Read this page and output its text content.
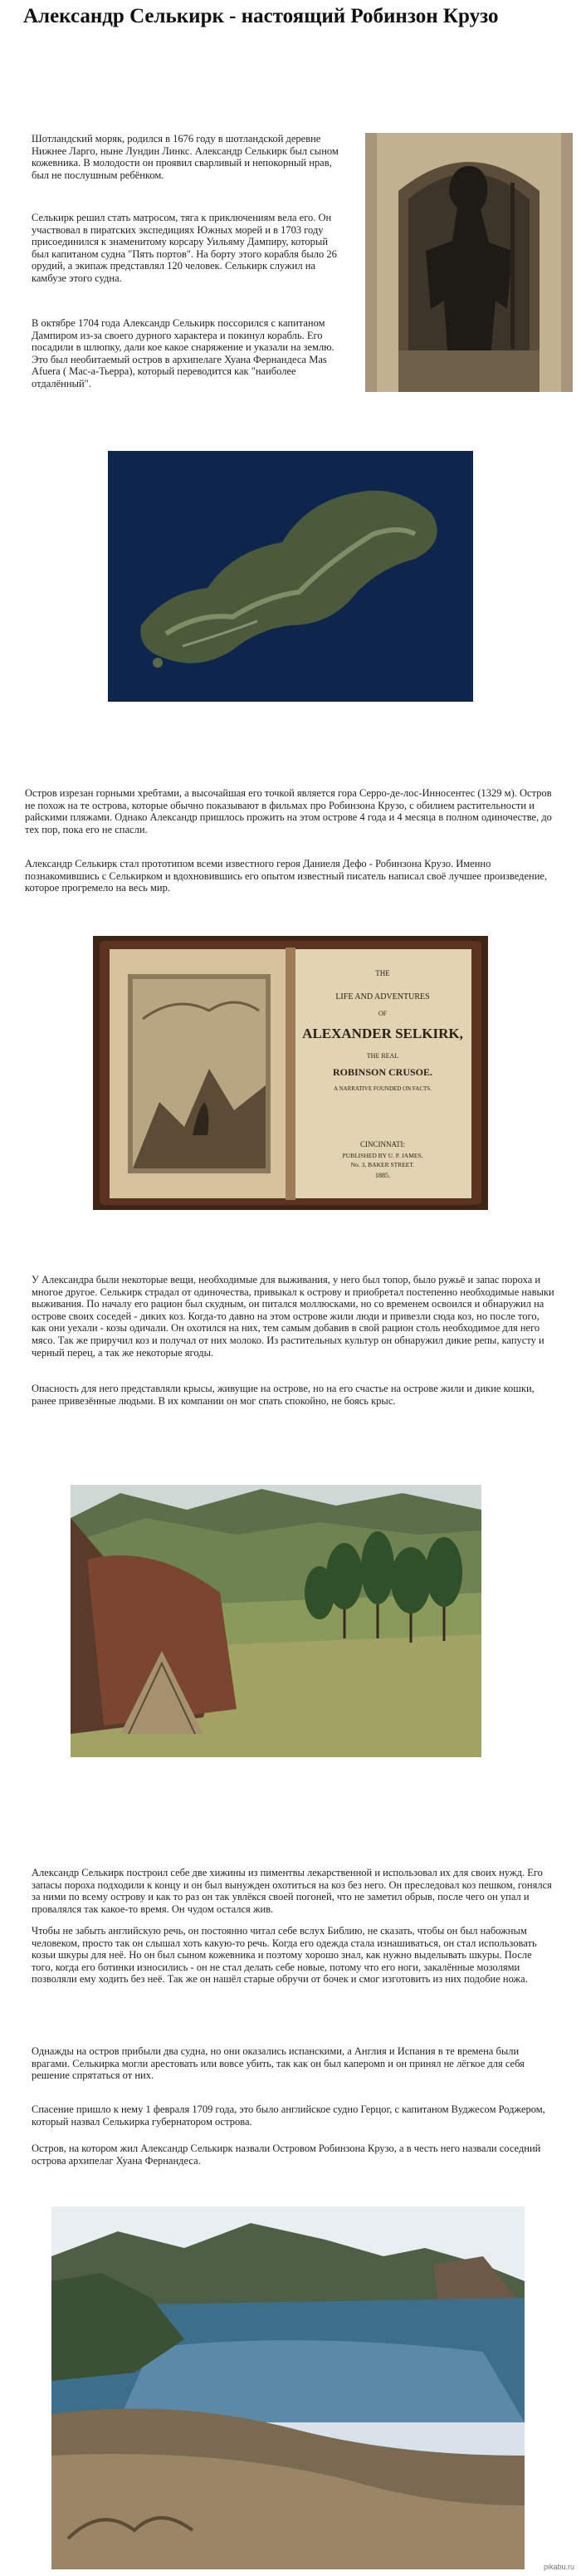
Александр Селькирк - настоящий Робинзон Крузо

Шотландский моряк, родился в 1676 году в шотландской деревне Нижнее Ларго, ныне Лундин Линкс. Александр Селькирк был сыном кожевника. В молодости он проявил сварливый и непокорный нрав, был не послушным ребёнком.

Селькирк решил стать матросом, тяга к приключениям вела его. Он участвовал в пиратских экспедициях Южных морей и в 1703 году присоединился к знаменитому корсару Уильяму Дампиру, который был капитаном судна "Пять портов". На борту этого корабля было 26 орудий, а экипаж представлял 120 человек. Селькирк служил на камбузе этого судна.

В октябре 1704 года Александр Селькирк поссорился с капитаном Дампиром из-за своего дурного характера и покинул корабль. Его посадили в шлюпку, дали кое какое снаряжение и указали на землю. Это был необитаемый остров в архипелаге Хуана Фернандеса Mas Afuera ( Мас-а-Тьерра), который переводится как "наиболее отдалённый".

Остров изрезан горными хребтами, а высочайшая его точкой является гора Серро-де-лос-Инносентес (1329 м). Остров не похож на те острова, которые обычно показывают в фильмах про Робинзона Крузо, с обилием растительности и райскими пляжами. Однако Александр пришлось прожить на этом острове 4 года и 4 месяца в полном одиночестве, до тех пор, пока его не спасли.

Александр Селькирк стал прототипом всеми известного героя Даниеля Дефо - Робинзона Крузо. Именно познакомившись с Селькирком и вдохновившись его опытом известный писатель написал своё лучшее произведение, которое прогремело на весь мир.

THE
LIFE AND ADVENTURES
OF
ALEXANDER SELKIRK,
THE REAL
ROBINSON CRUSOE.
A NARRATIVE FOUNDED ON FACTS.
CINCINNATI:
PUBLISHED BY U. P. JAMES,
No. 3, BAKER STREET.
1885.

У Александра были некоторые вещи, необходимые для выживания, у него был топор, было ружьё и запас пороха и многое другое. Селькирк страдал от одиночества, привыкал к острову и приобретал постепенно необходимые навыки выживания. По началу его рацион был скудным, он питался моллюсками, но со временем освоился и обнаружил на острове своих соседей - диких коз. Когда-то давно на этом острове жили люди и привезли сюда коз, но после того, как они уехали - козы одичали. Он охотился на них, тем самым добавив в свой рацион столь необходимое для него мясо. Так же приручил коз и получал от них молоко. Из растительных культур он обнаружил дикие репы, капусту и черный перец, а так же некоторые ягоды.

Опасность для него представляли крысы, живущие на острове, но на его счастье на острове жили и дикие кошки, ранее привезённые людьми. В их компании он мог спать спокойно, не боясь крыс.

Александр Селькирк построил себе две хижины из пиментвы лекарственной и использовал их для своих нужд. Его запасы пороха подходили к концу и он был вынужден охотиться на коз без него. Он преследовал коз пешком, гонялся за ними по всему острову и как то раз он так увлёкся своей погоней, что не заметил обрыв, после чего он упал и провалялся так какое-то время. Он чудом остался жив.

Чтобы не забыть английскую речь, он постоянно читал себе вслух Библию, не сказать, чтобы он был набожным человеком, просто так он слышал хоть какую-то речь. Когда его одежда стала изнашиваться, он стал использовать козьи шкуры для неё. Но он был сыном кожевника и поэтому хорошо знал, как нужно выделывать шкуры. После того, когда его ботинки износились - он не стал делать себе новые, потому что его ноги, закалённые мозолями позволяли ему ходить без неё. Так же он нашёл старые обручи от бочек и смог изготовить из них подобие ножа.

Однажды на остров прибыли два судна, но они оказались испанскими, а Англия и Испания в те времена были врагами. Селькирка могли арестовать или вовсе убить, так как он был каперомn и он принял не лёгкое для себя решение спрятаться от них.

Спасение пришло к нему 1 февраля 1709 года, это было английское судно Герцог, с капитаном Вуджесом Роджером, который назвал Селькирка губернатором острова.

Остров, на котором жил Александр Селькирк назвали Островом Робинзона Крузо, а в честь него назвали соседний острова архипелаг Хуана Фернандеса.

pikabu.ru
